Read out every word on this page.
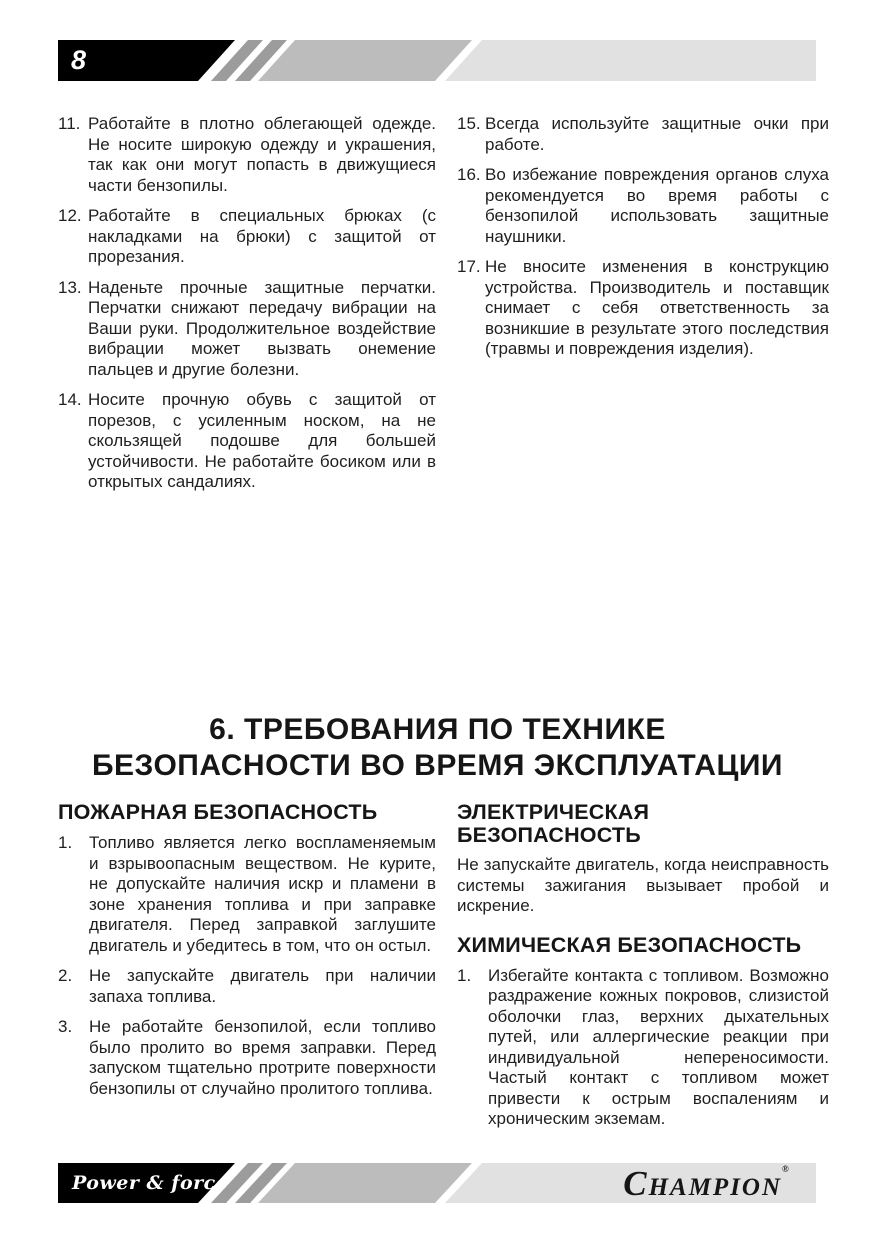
8
11. Работайте в плотно облегающей одежде. Не носите широкую одежду и украшения, так как они могут попасть в движущиеся части бензопилы.
12. Работайте в специальных брюках (с накладками на брюки) с защитой от прорезания.
13. Наденьте прочные защитные перчатки. Перчатки снижают передачу вибрации на Ваши руки. Продолжительное воздействие вибрации может вызвать онемение пальцев и другие болезни.
14. Носите прочную обувь с защитой от порезов, с усиленным носком, на не скользящей подошве для большей устойчивости. Не работайте босиком или в открытых сандалиях.
15. Всегда используйте защитные очки при работе.
16. Во избежание повреждения органов слуха рекомендуется во время работы с бензопилой использовать защитные наушники.
17. Не вносите изменения в конструкцию устройства. Производитель и поставщик снимает с себя ответственность за возникшие в результате этого последствия (травмы и повреждения изделия).
6. ТРЕБОВАНИЯ ПО ТЕХНИКЕ
БЕЗОПАСНОСТИ ВО ВРЕМЯ ЭКСПЛУАТАЦИИ
ПОЖАРНАЯ БЕЗОПАСНОСТЬ
1. Топливо является легко воспламеняемым и взрывоопасным веществом. Не курите, не допускайте наличия искр и пламени в зоне хранения топлива и при заправке двигателя. Перед заправкой заглушите двигатель и убедитесь в том, что он остыл.
2. Не запускайте двигатель при наличии запаха топлива.
3. Не работайте бензопилой, если топливо было пролито во время заправки. Перед запуском тщательно протрите поверхности бензопилы от случайно пролитого топлива.
ЭЛЕКТРИЧЕСКАЯ
БЕЗОПАСНОСТЬ
Не запускайте двигатель, когда неисправность системы зажигания вызывает пробой и искрение.
ХИМИЧЕСКАЯ БЕЗОПАСНОСТЬ
1. Избегайте контакта с топливом. Возможно раздражение кожных покровов, слизистой оболочки глаз, верхних дыхательных путей, или аллергические реакции при индивидуальной непереносимости. Частый контакт с топливом может привести к острым воспалениям и хроническим экземам.
Power & force	CHAMPION®
